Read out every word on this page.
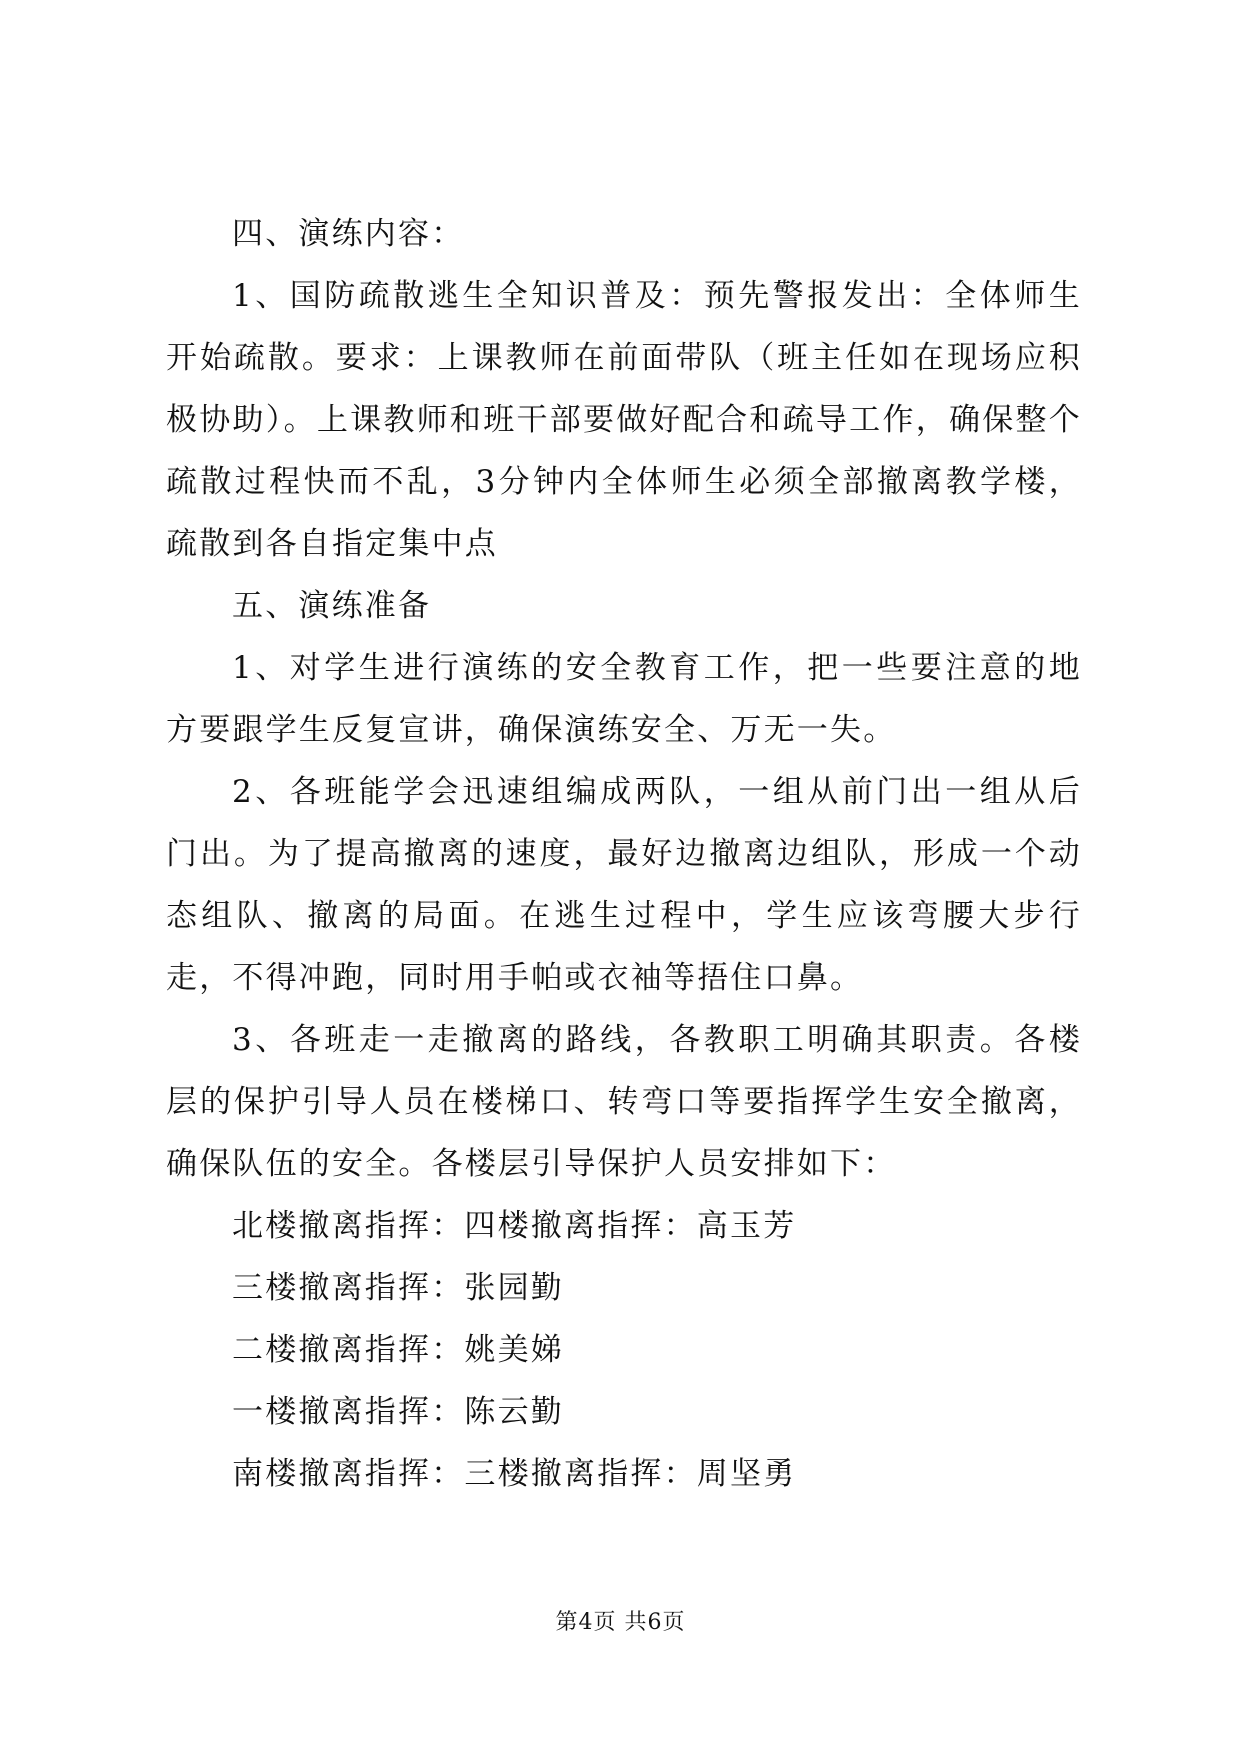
四、演练内容：

1、国防疏散逃生全知识普及：预先警报发出：全体师生开始疏散。要求：上课教师在前面带队（班主任如在现场应积极协助）。上课教师和班干部要做好配合和疏导工作，确保整个疏散过程快而不乱，3分钟内全体师生必须全部撤离教学楼，疏散到各自指定集中点

五、演练准备

1、对学生进行演练的安全教育工作，把一些要注意的地方要跟学生反复宣讲，确保演练安全、万无一失。

2、各班能学会迅速组编成两队，一组从前门出一组从后门出。为了提高撤离的速度，最好边撤离边组队，形成一个动态组队、撤离的局面。在逃生过程中，学生应该弯腰大步行走，不得冲跑，同时用手帕或衣袖等捂住口鼻。

3、各班走一走撤离的路线，各教职工明确其职责。各楼层的保护引导人员在楼梯口、转弯口等要指挥学生安全撤离，确保队伍的安全。各楼层引导保护人员安排如下：

北楼撤离指挥：四楼撤离指挥：高玉芳

三楼撤离指挥：张园勤

二楼撤离指挥：姚美娣

一楼撤离指挥：陈云勤

南楼撤离指挥：三楼撤离指挥：周坚勇

第4页 共6页
